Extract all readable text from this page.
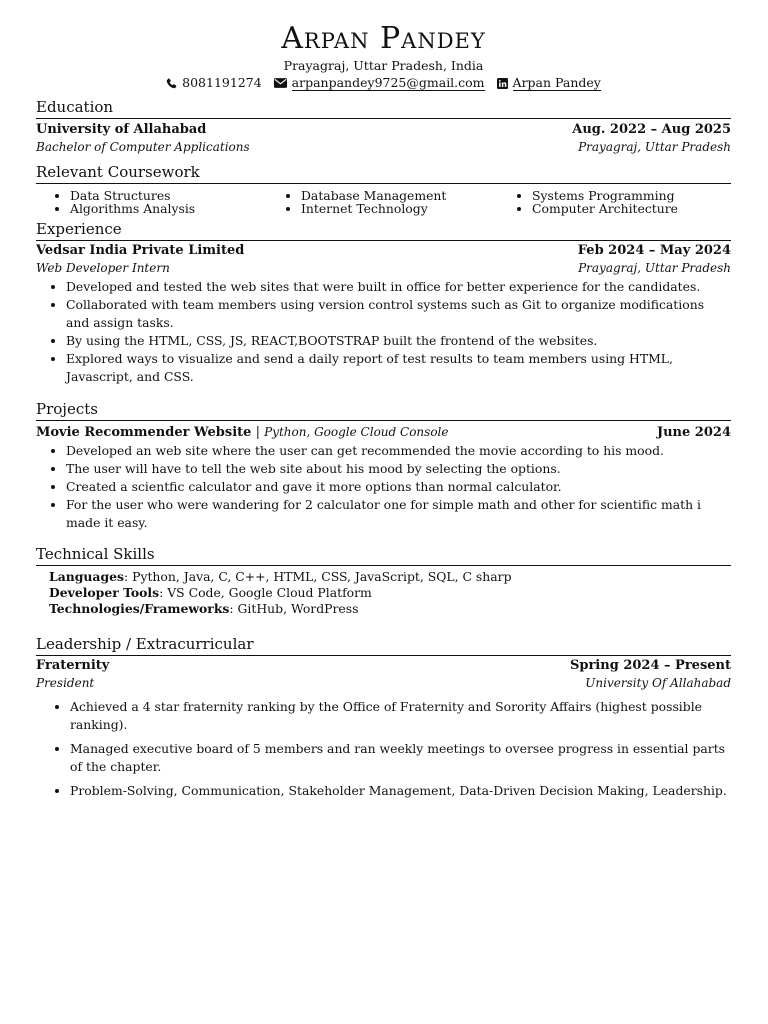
Arpan Pandey
Prayagraj, Uttar Pradesh, India
8081191274 arpanpandey9725@gmail.com Arpan Pandey
Education
University of Allahabad	Aug. 2022 – Aug 2025
Bachelor of Computer Applications	Prayagraj, Uttar Pradesh
Relevant Coursework
• Data Structures
• Algorithms Analysis
• Database Management
• Internet Technology
• Systems Programming
• Computer Architecture
Experience
Vedsar India Private Limited	Feb 2024 – May 2024
Web Developer Intern	Prayagraj, Uttar Pradesh
• Developed and tested the web sites that were built in office for better experience for the candidates.
• Collaborated with team members using version control systems such as Git to organize modifications and assign tasks.
• By using the HTML, CSS, JS, REACT,BOOTSTRAP built the frontend of the websites.
• Explored ways to visualize and send a daily report of test results to team members using HTML, Javascript, and CSS.
Projects
Movie Recommender Website | Python, Google Cloud Console	June 2024
• Developed an web site where the user can get recommended the movie according to his mood.
• The user will have to tell the web site about his mood by selecting the options.
• Created a scientfic calculator and gave it more options than normal calculator.
• For the user who were wandering for 2 calculator one for simple math and other for scientific math i made it easy.
Technical Skills
Languages: Python, Java, C, C++, HTML, CSS, JavaScript, SQL, C sharp
Developer Tools: VS Code, Google Cloud Platform
Technologies/Frameworks: GitHub, WordPress
Leadership / Extracurricular
Fraternity	Spring 2024 – Present
President	University Of Allahabad
• Achieved a 4 star fraternity ranking by the Office of Fraternity and Sorority Affairs (highest possible ranking).
• Managed executive board of 5 members and ran weekly meetings to oversee progress in essential parts of the chapter.
• Problem-Solving, Communication, Stakeholder Management, Data-Driven Decision Making, Leadership.
